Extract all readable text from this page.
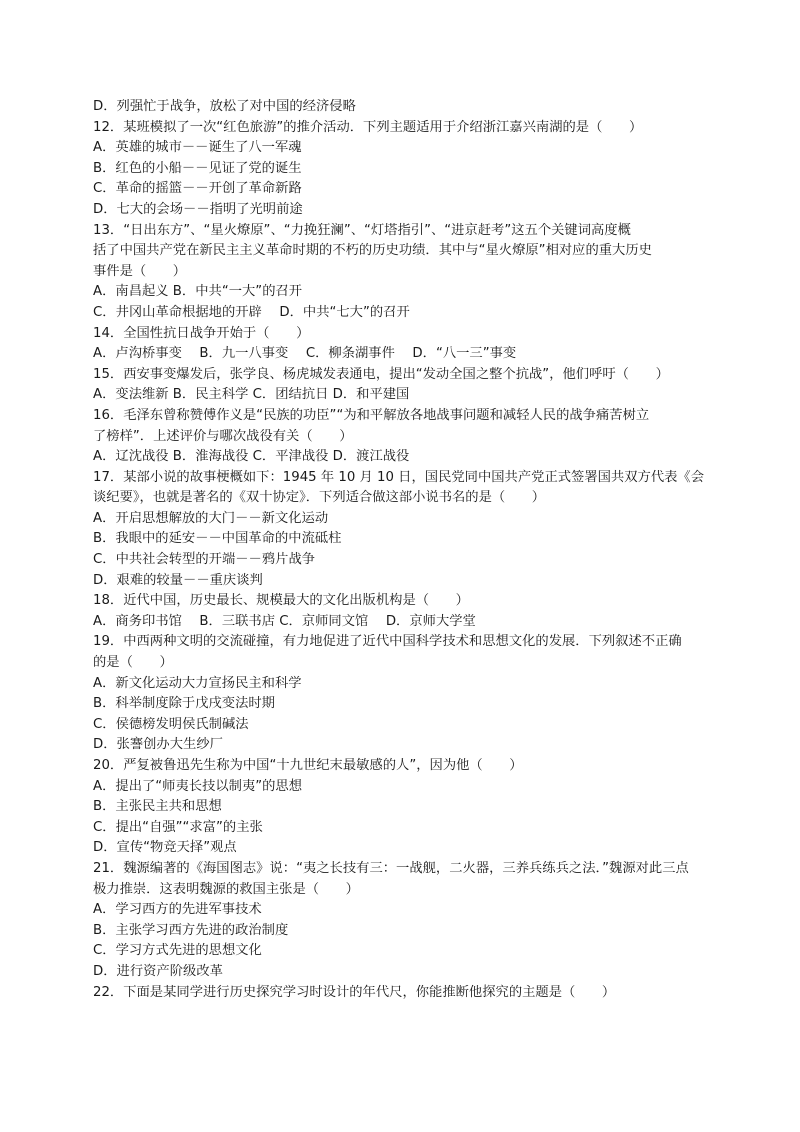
D．列强忙于战争，放松了对中国的经济侵略
12．某班模拟了一次“红色旅游”的推介活动．下列主题适用于介绍浙江嘉兴南湖的是（　　）
A．英雄的城市－－诞生了八一军魂
B．红色的小船－－见证了党的诞生
C．革命的摇篮－－开创了革命新路
D．七大的会场－－指明了光明前途
13．“日出东方”、“星火燎原”、“力挽狂澜”、“灯塔指引”、“进京赶考”这五个关键词高度概
括了中国共产党在新民主主义革命时期的不朽的历史功绩．其中与“星火燎原”相对应的重大历史
事件是（　　）
A．南昌起义 B．中共“一大”的召开
C．井冈山革命根据地的开辟　 D．中共“七大”的召开
14．全国性抗日战争开始于（　　）
A．卢沟桥事变　 B．九一八事变　 C．柳条湖事件　 D．“八一三”事变
15．西安事变爆发后，张学良、杨虎城发表通电，提出“发动全国之整个抗战”，他们呼吁（　　）
A．变法维新 B．民主科学 C．团结抗日 D．和平建国
16．毛泽东曾称赞傅作义是“民族的功臣”“为和平解放各地战事问题和减轻人民的战争痛苦树立
了榜样”．上述评价与哪次战役有关（　　）
A．辽沈战役 B．淮海战役 C．平津战役 D．渡江战役
17．某部小说的故事梗概如下：1945 年 10 月 10 日，国民党同中国共产党正式签署国共双方代表《会
谈纪要》，也就是著名的《双十协定》．下列适合做这部小说书名的是（　　）
A．开启思想解放的大门－－新文化运动
B．我眼中的延安－－中国革命的中流砥柱
C．中共社会转型的开端－－鸦片战争
D．艰难的较量－－重庆谈判
18．近代中国，历史最长、规模最大的文化出版机构是（　　）
A．商务印书馆　 B．三联书店 C．京师同文馆　 D．京师大学堂
19．中西两种文明的交流碰撞，有力地促进了近代中国科学技术和思想文化的发展．下列叙述不正确
的是（　　）
A．新文化运动大力宣扬民主和科学
B．科举制度除于戊戌变法时期
C．侯德榜发明侯氏制碱法
D．张謇创办大生纱厂
20．严复被鲁迅先生称为中国“十九世纪末最敏感的人”，因为他（　　）
A．提出了“师夷长技以制夷”的思想
B．主张民主共和思想
C．提出“自强”“求富”的主张
D．宣传“物竞天择”观点
21．魏源编著的《海国图志》说：“夷之长技有三：一战舰，二火器，三养兵练兵之法．”魏源对此三点
极力推崇．这表明魏源的救国主张是（　　）
A．学习西方的先进军事技术
B．主张学习西方先进的政治制度
C．学习方式先进的思想文化
D．进行资产阶级改革
22．下面是某同学进行历史探究学习时设计的年代尺，你能推断他探究的主题是（　　）
